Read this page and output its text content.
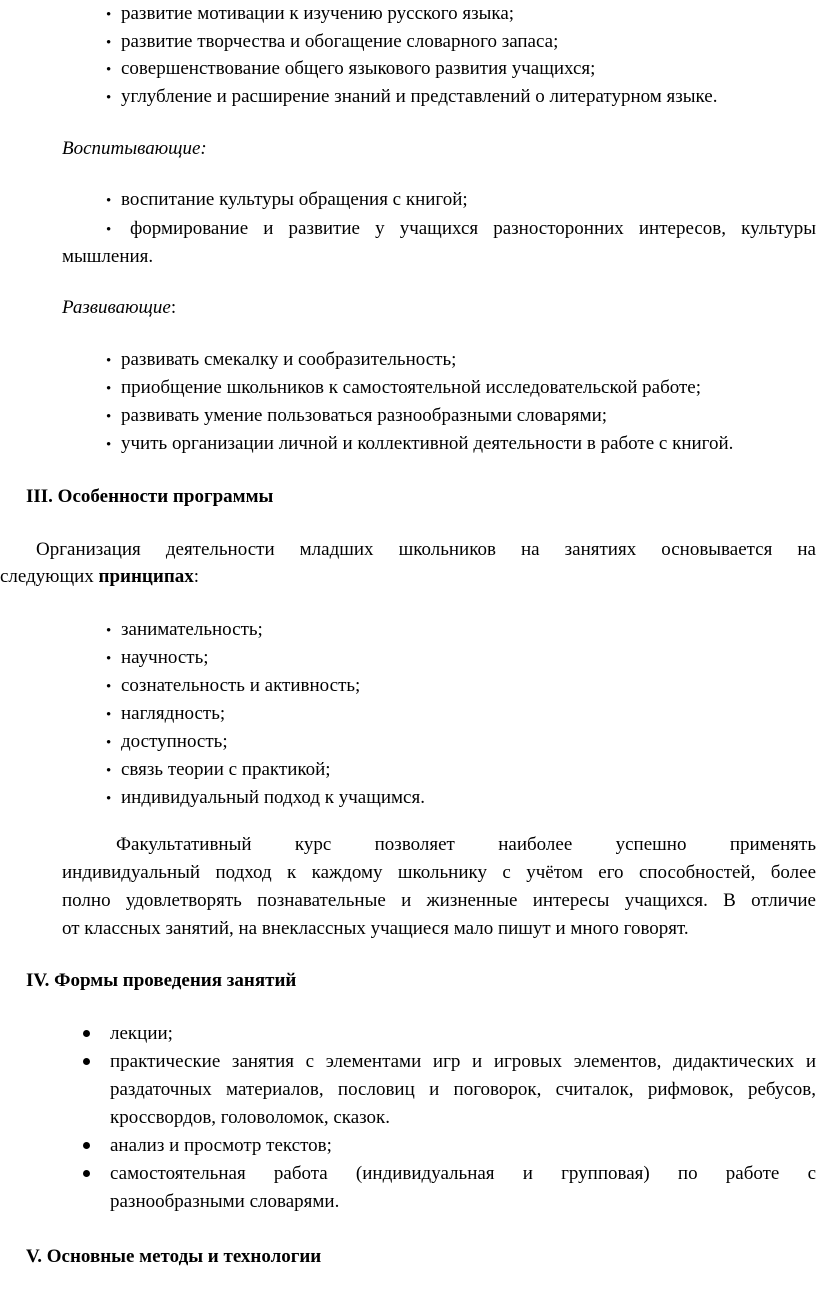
• развитие мотивации к изучению русского языка;
• развитие творчества и обогащение словарного запаса;
• совершенствование общего языкового развития учащихся;
• углубление и расширение знаний и представлений о литературном языке.
Воспитывающие:
• воспитание культуры обращения с книгой;
• формирование и развитие у учащихся разносторонних интересов, культуры
мышления.
Развивающие:
• развивать смекалку и сообразительность;
• приобщение школьников к самостоятельной исследовательской работе;
• развивать умение пользоваться разнообразными словарями;
• учить организации личной и коллективной деятельности в работе с книгой.
III. Особенности программы
Организация деятельности младших школьников на занятиях основывается на
следующих принципах:
• занимательность;
• научность;
• сознательность и активность;
• наглядность;
• доступность;
• связь теории с практикой;
• индивидуальный подход к учащимся.
Факультативный курс позволяет наиболее успешно применять
индивидуальный подход к каждому школьнику с учётом его способностей, более
полно удовлетворять познавательные и жизненные интересы учащихся. В отличие
от классных занятий, на внеклассных учащиеся мало пишут и много говорят.
IV. Формы проведения занятий
лекции;
практические занятия с элементами игр и игровых элементов, дидактических и
раздаточных материалов, пословиц и поговорок, считалок, рифмовок, ребусов,
кроссвордов, головоломок, сказок.
анализ и просмотр текстов;
самостоятельная работа (индивидуальная и групповая) по работе с
разнообразными словарями.
V. Основные методы и технологии
